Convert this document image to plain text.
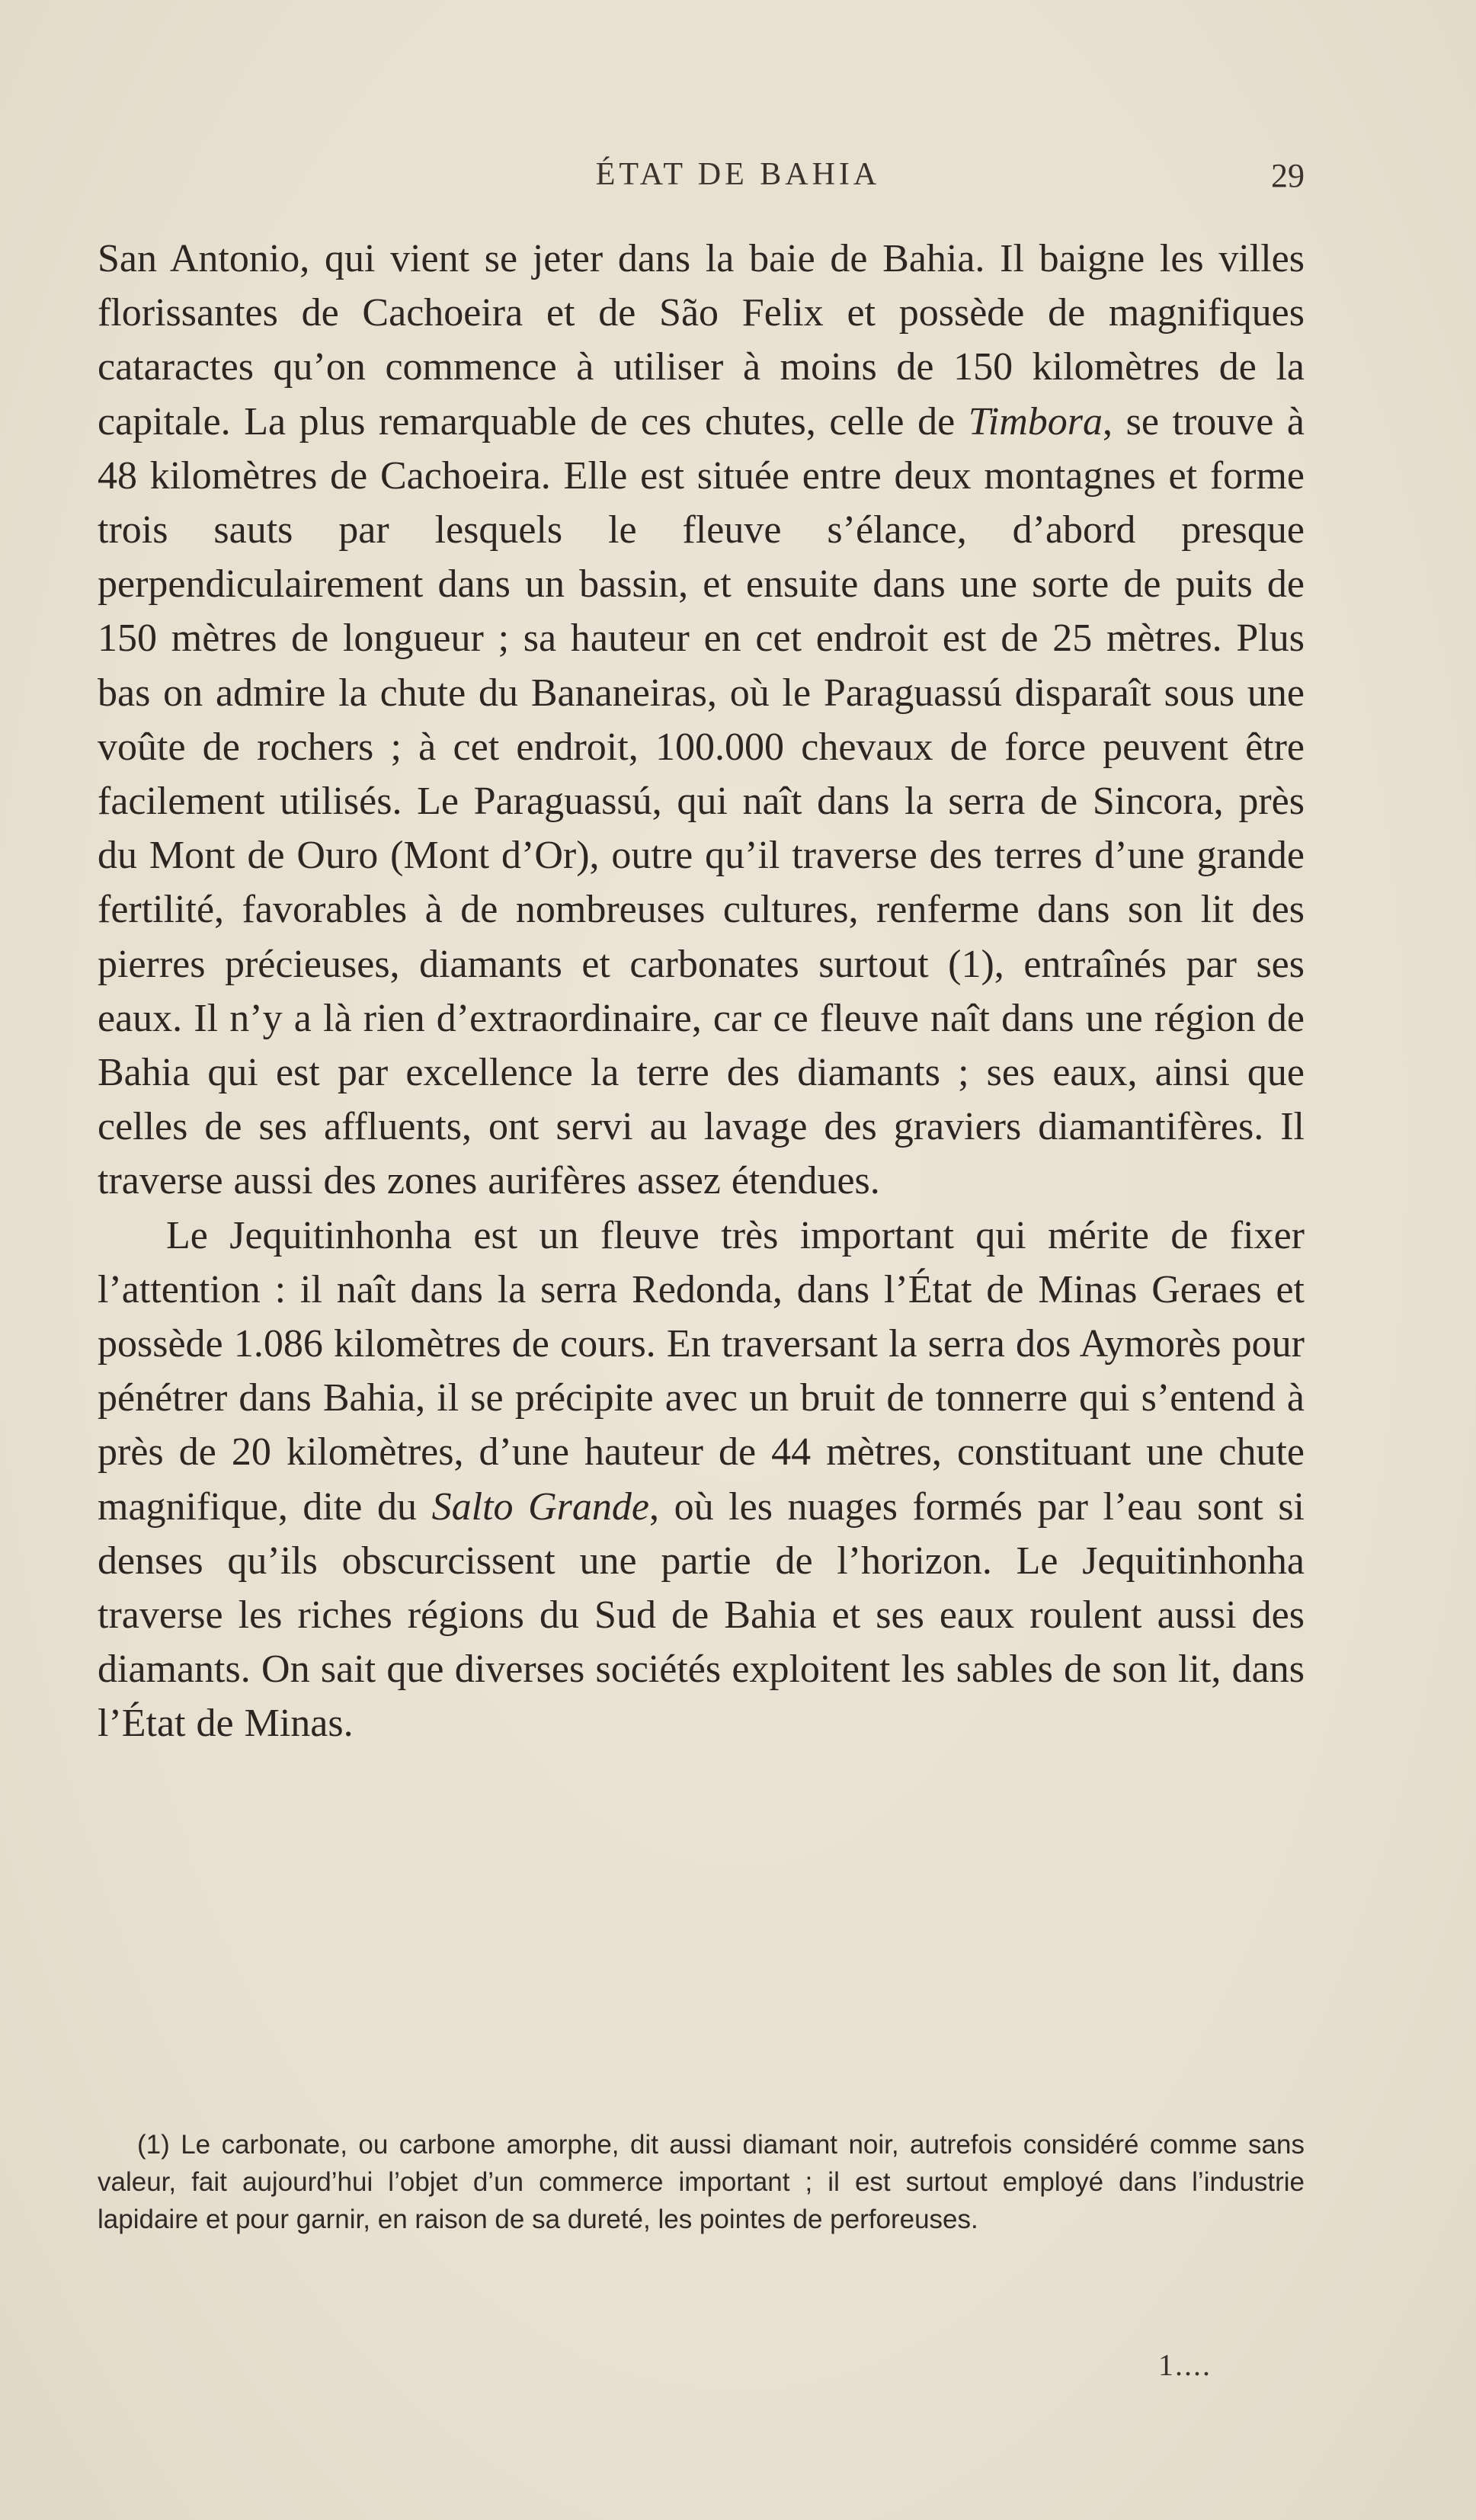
ÉTAT DE BAHIA	29

San Antonio, qui vient se jeter dans la baie de Bahia. Il baigne les villes florissantes de Cachoeira et de São Felix et possède de magnifiques cataractes qu’on commence à utiliser à moins de 150 kilomètres de la capitale. La plus remarquable de ces chutes, celle de Timbora, se trouve à 48 kilomètres de Cachoeira. Elle est située entre deux montagnes et forme trois sauts par lesquels le fleuve s’élance, d’abord presque perpendiculairement dans un bassin, et ensuite dans une sorte de puits de 150 mètres de longueur ; sa hauteur en cet endroit est de 25 mètres. Plus bas on admire la chute du Bananeiras, où le Paraguassú disparaît sous une voûte de rochers ; à cet endroit, 100.000 chevaux de force peuvent être facilement utilisés. Le Paraguassú, qui naît dans la serra de Sincora, près du Mont de Ouro (Mont d’Or), outre qu’il traverse des terres d’une grande fertilité, favorables à de nombreuses cultures, renferme dans son lit des pierres précieuses, diamants et carbonates surtout (1), entraînés par ses eaux. Il n’y a là rien d’extraordinaire, car ce fleuve naît dans une région de Bahia qui est par excellence la terre des diamants ; ses eaux, ainsi que celles de ses affluents, ont servi au lavage des graviers diamantifères. Il traverse aussi des zones aurifères assez étendues.

Le Jequitinhonha est un fleuve très important qui mérite de fixer l’attention : il naît dans la serra Redonda, dans l’État de Minas Geraes et possède 1.086 kilomètres de cours. En traversant la serra dos Aymorès pour pénétrer dans Bahia, il se précipite avec un bruit de tonnerre qui s’entend à près de 20 kilomètres, d’une hauteur de 44 mètres, constituant une chute magnifique, dite du Salto Grande, où les nuages formés par l’eau sont si denses qu’ils obscurcissent une partie de l’horizon. Le Jequitinhonha traverse les riches régions du Sud de Bahia et ses eaux roulent aussi des diamants. On sait que diverses sociétés exploitent les sables de son lit, dans l’État de Minas.

(1) Le carbonate, ou carbone amorphe, dit aussi diamant noir, autrefois considéré comme sans valeur, fait aujourd’hui l’objet d’un commerce important ; il est surtout employé dans l’industrie lapidaire et pour garnir, en raison de sa dureté, les pointes de perforeuses.

1....
